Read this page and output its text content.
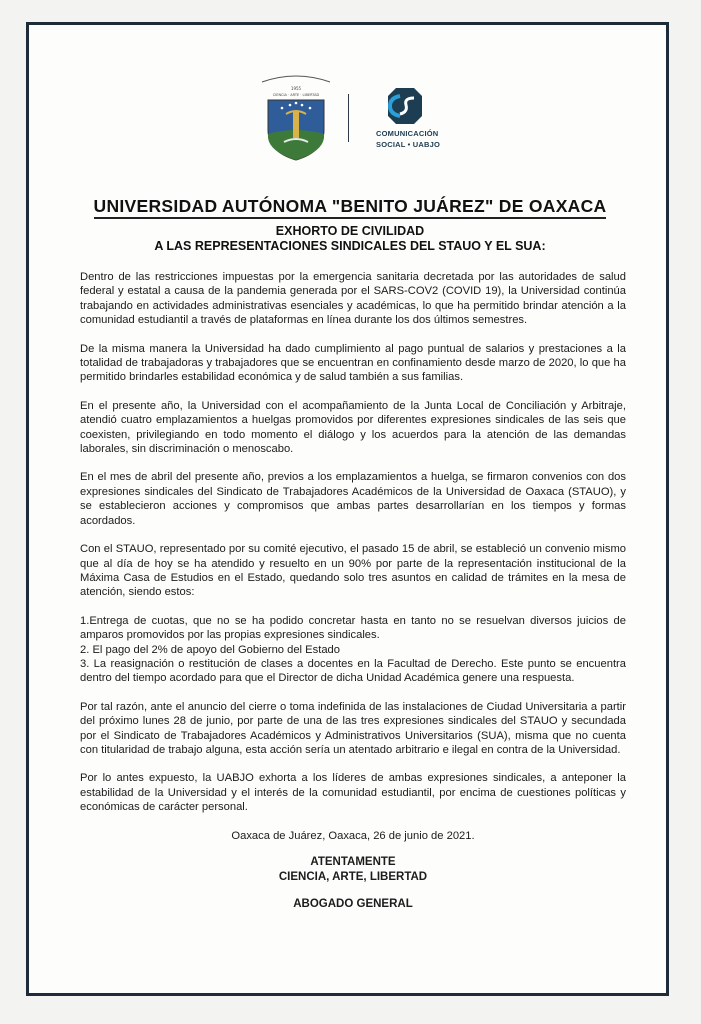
1955
CIENCIA · ARTE · LIBERTAD
COMUNICACIÓN
SOCIAL • UABJO
UNIVERSIDAD AUTÓNOMA "BENITO JUÁREZ" DE OAXACA
EXHORTO DE CIVILIDAD
A LAS REPRESENTACIONES SINDICALES DEL STAUO Y EL SUA:

Dentro de las restricciones impuestas por la emergencia sanitaria decretada por las autoridades de salud federal y estatal a causa de la pandemia generada por el SARS-COV2 (COVID 19), la Universidad continúa trabajando en actividades administrativas esenciales y académicas, lo que ha permitido brindar atención a la comunidad estudiantil a través de plataformas en línea durante los dos últimos semestres.

De la misma manera la Universidad ha dado cumplimiento al pago puntual de salarios y prestaciones a la totalidad de trabajadoras y trabajadores que se encuentran en confinamiento desde marzo de 2020, lo que ha permitido brindarles estabilidad económica y de salud también a sus familias.

En el presente año, la Universidad con el acompañamiento de la Junta Local de Conciliación y Arbitraje, atendió cuatro emplazamientos a huelgas promovidos por diferentes expresiones sindicales de las seis que coexisten, privilegiando en todo momento el diálogo y los acuerdos para la atención de las demandas laborales, sin discriminación o menoscabo.

En el mes de abril del presente año, previos a los emplazamientos a huelga, se firmaron convenios con dos expresiones sindicales del Sindicato de Trabajadores Académicos de la Universidad de Oaxaca (STAUO), y se establecieron acciones y compromisos que ambas partes desarrollarían en los tiempos y formas acordados.

Con el STAUO, representado por su comité ejecutivo, el pasado 15 de abril, se estableció un convenio mismo que al día de hoy se ha atendido y resuelto en un 90% por parte de la representación institucional de la Máxima Casa de Estudios en el Estado, quedando solo tres asuntos en calidad de trámites en la mesa de atención, siendo estos:

1.Entrega de cuotas, que no se ha podido concretar hasta en tanto no se resuelvan diversos juicios de amparos promovidos por las propias expresiones sindicales.
2. El pago del 2% de apoyo del Gobierno del Estado
3. La reasignación o restitución de clases a docentes en la Facultad de Derecho. Este punto se encuentra dentro del tiempo acordado para que el Director de dicha Unidad Académica genere una respuesta.

Por tal razón, ante el anuncio del cierre o toma indefinida de las instalaciones de Ciudad Universitaria a partir del próximo lunes 28 de junio, por parte de una de las tres expresiones sindicales del STAUO y secundada por el Sindicato de Trabajadores Académicos y Administrativos Universitarios (SUA), misma que no cuenta con titularidad de trabajo alguna, esta acción sería un atentado arbitrario e ilegal en contra de la Universidad.

Por lo antes expuesto, la UABJO exhorta a los líderes de ambas expresiones sindicales, a anteponer la estabilidad de la Universidad y el interés de la comunidad estudiantil, por encima de cuestiones políticas y económicas de carácter personal.

Oaxaca de Juárez, Oaxaca, 26 de junio de 2021.
ATENTAMENTE
CIENCIA, ARTE, LIBERTAD
ABOGADO GENERAL
